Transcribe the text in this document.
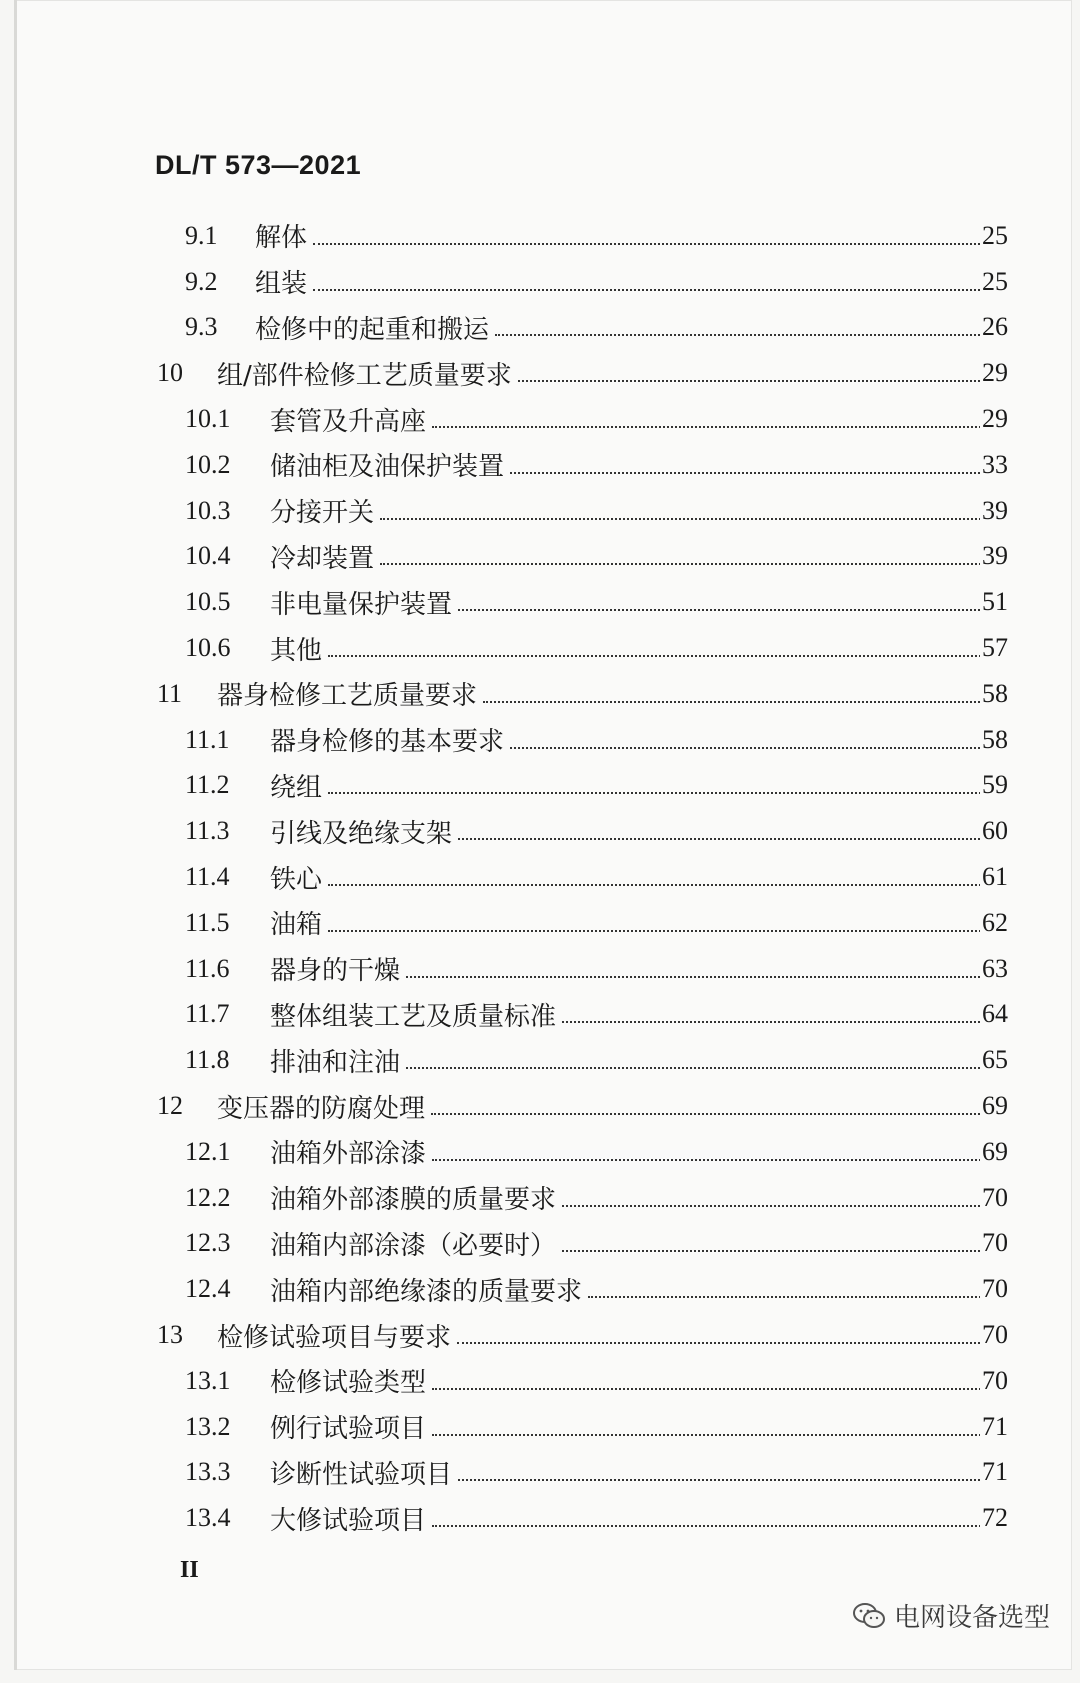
DL/T 573—2021
9.1 解体	25
9.2 组装	25
9.3 检修中的起重和搬运	26
10 组/部件检修工艺质量要求	29
10.1 套管及升高座	29
10.2 储油柜及油保护装置	33
10.3 分接开关	39
10.4 冷却装置	39
10.5 非电量保护装置	51
10.6 其他	57
11 器身检修工艺质量要求	58
11.1 器身检修的基本要求	58
11.2 绕组	59
11.3 引线及绝缘支架	60
11.4 铁心	61
11.5 油箱	62
11.6 器身的干燥	63
11.7 整体组装工艺及质量标准	64
11.8 排油和注油	65
12 变压器的防腐处理	69
12.1 油箱外部涂漆	69
12.2 油箱外部漆膜的质量要求	70
12.3 油箱内部涂漆（必要时）	70
12.4 油箱内部绝缘漆的质量要求	70
13 检修试验项目与要求	70
13.1 检修试验类型	70
13.2 例行试验项目	71
13.3 诊断性试验项目	71
13.4 大修试验项目	72
II
电网设备选型
